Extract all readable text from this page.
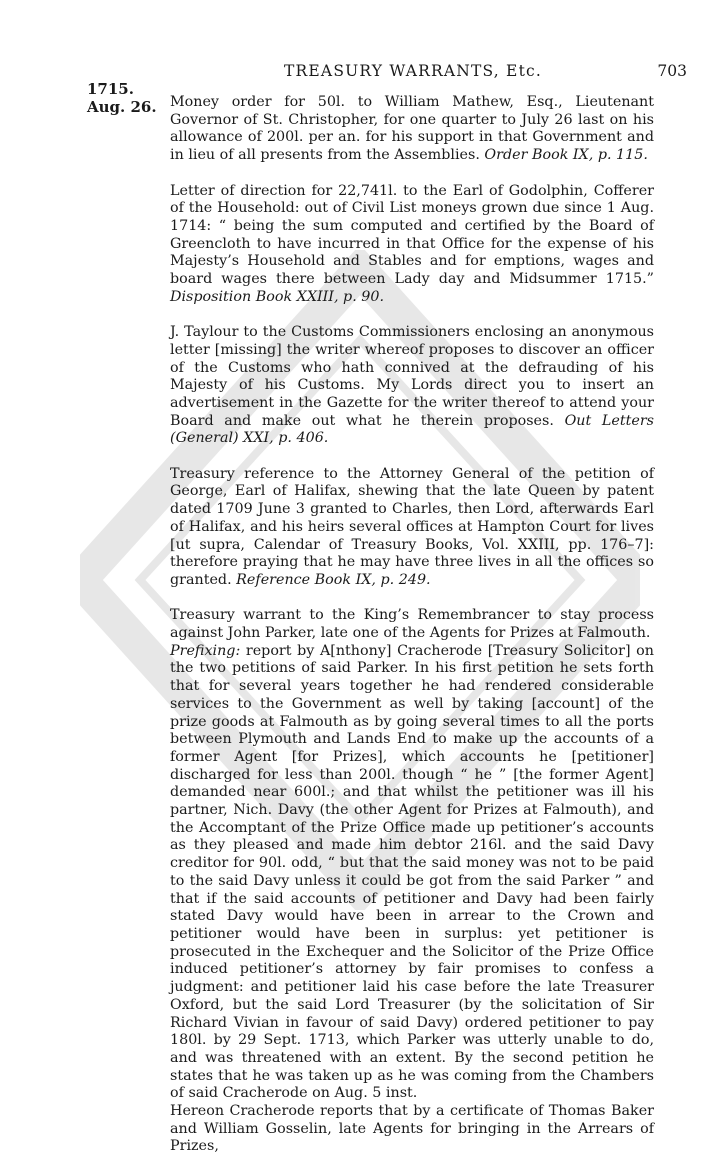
TREASURY WARRANTS, Etc.	703
1715.
Aug. 26. Money order for 50l. to William Mathew, Esq., Lieutenant Governor of St. Christopher, for one quarter to July 26 last on his allowance of 200l. per an. for his support in that Government and in lieu of all presents from the Assemblies. Order Book IX, p. 115.

Letter of direction for 22,741l. to the Earl of Godolphin, Cofferer of the Household: out of Civil List moneys grown due since 1 Aug. 1714: “ being the sum computed and certified by the Board of Greencloth to have incurred in that Office for the expense of his Majesty’s Household and Stables and for emptions, wages and board wages there between Lady day and Midsummer 1715.” Disposition Book XXIII, p. 90.

J. Taylour to the Customs Commissioners enclosing an anonymous letter [missing] the writer whereof proposes to discover an officer of the Customs who hath connived at the defrauding of his Majesty of his Customs. My Lords direct you to insert an advertisement in the Gazette for the writer thereof to attend your Board and make out what he therein proposes. Out Letters (General) XXI, p. 406.

Treasury reference to the Attorney General of the petition of George, Earl of Halifax, shewing that the late Queen by patent dated 1709 June 3 granted to Charles, then Lord, afterwards Earl of Halifax, and his heirs several offices at Hampton Court for lives [ut supra, Calendar of Treasury Books, Vol. XXIII, pp. 176–7]: therefore praying that he may have three lives in all the offices so granted. Reference Book IX, p. 249.

Treasury warrant to the King’s Remembrancer to stay process against John Parker, late one of the Agents for Prizes at Falmouth.

Prefixing: report by A[nthony] Cracherode [Treasury Solicitor] on the two petitions of said Parker. In his first petition he sets forth that for several years together he had rendered considerable services to the Government as well by taking [account] of the prize goods at Falmouth as by going several times to all the ports between Plymouth and Lands End to make up the accounts of a former Agent [for Prizes], which accounts he [petitioner] discharged for less than 200l. though “ he ” [the former Agent] demanded near 600l.; and that whilst the petitioner was ill his partner, Nich. Davy (the other Agent for Prizes at Falmouth), and the Accomptant of the Prize Office made up petitioner’s accounts as they pleased and made him debtor 216l. and the said Davy creditor for 90l. odd, “ but that the said money was not to be paid to the said Davy unless it could be got from the said Parker ” and that if the said accounts of petitioner and Davy had been fairly stated Davy would have been in arrear to the Crown and petitioner would have been in surplus: yet petitioner is prosecuted in the Exchequer and the Solicitor of the Prize Office induced petitioner’s attorney by fair promises to confess a judgment: and petitioner laid his case before the late Treasurer Oxford, but the said Lord Treasurer (by the solicitation of Sir Richard Vivian in favour of said Davy) ordered petitioner to pay 180l. by 29 Sept. 1713, which Parker was utterly unable to do, and was threatened with an extent. By the second petition he states that he was taken up as he was coming from the Chambers of said Cracherode on Aug. 5 inst.

Hereon Cracherode reports that by a certificate of Thomas Baker and William Gosselin, late Agents for bringing in the Arrears of Prizes,
